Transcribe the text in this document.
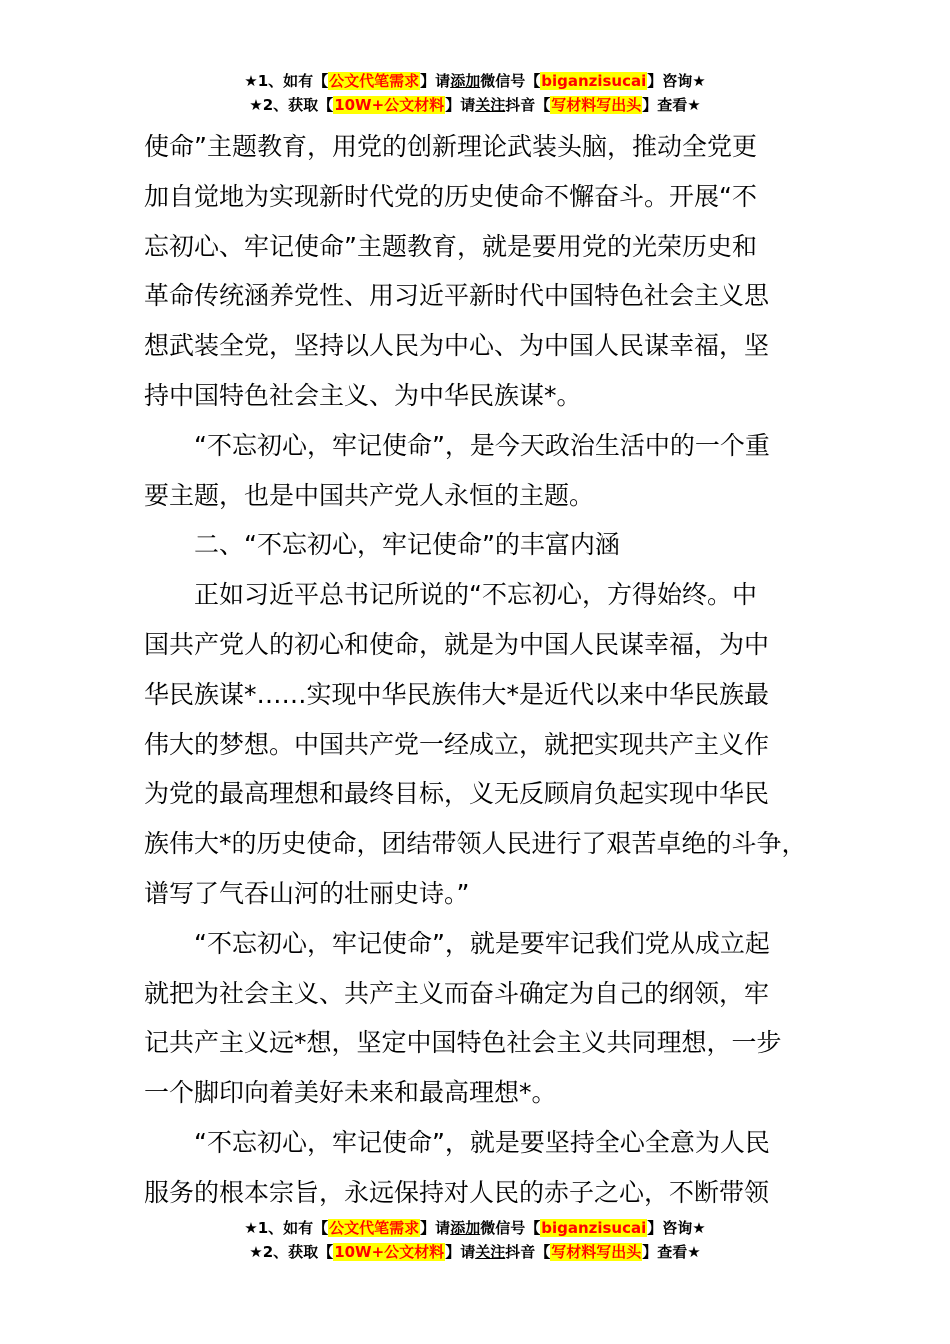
★1、如有【公文代笔需求】请添加微信号【biganzisucai】咨询★
★2、获取【10W+公文材料】请关注抖音【写材料写出头】查看★
使命”主题教育，用党的创新理论武装头脑，推动全党更
加自觉地为实现新时代党的历史使命不懈奋斗。开展“不
忘初心、牢记使命”主题教育，就是要用党的光荣历史和
革命传统涵养党性、用习近平新时代中国特色社会主义思
想武装全党，坚持以人民为中心、为中国人民谋幸福，坚
持中国特色社会主义、为中华民族谋*。
“不忘初心，牢记使命”，是今天政治生活中的一个重
要主题，也是中国共产党人永恒的主题。
二、“不忘初心，牢记使命”的丰富内涵
正如习近平总书记所说的“不忘初心，方得始终。中
国共产党人的初心和使命，就是为中国人民谋幸福，为中
华民族谋*……实现中华民族伟大*是近代以来中华民族最
伟大的梦想。中国共产党一经成立，就把实现共产主义作
为党的最高理想和最终目标，义无反顾肩负起实现中华民
族伟大*的历史使命，团结带领人民进行了艰苦卓绝的斗争，
谱写了气吞山河的壮丽史诗。”
“不忘初心，牢记使命”，就是要牢记我们党从成立起
就把为社会主义、共产主义而奋斗确定为自己的纲领，牢
记共产主义远*想，坚定中国特色社会主义共同理想，一步
一个脚印向着美好未来和最高理想*。
“不忘初心，牢记使命”，就是要坚持全心全意为人民
服务的根本宗旨，永远保持对人民的赤子之心，不断带领
★1、如有【公文代笔需求】请添加微信号【biganzisucai】咨询★
★2、获取【10W+公文材料】请关注抖音【写材料写出头】查看★
